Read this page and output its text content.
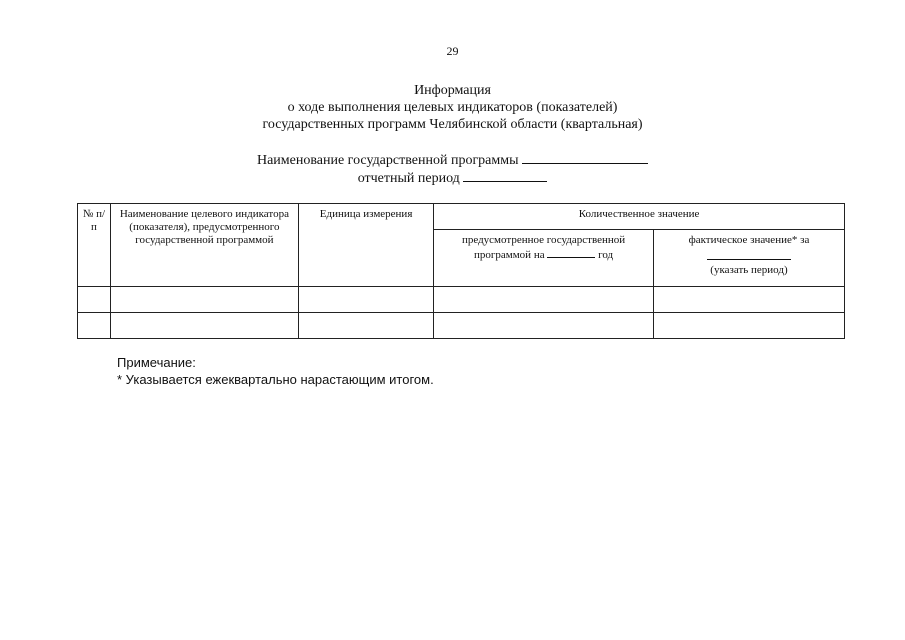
29
Информация
о ходе выполнения целевых индикаторов (показателей)
государственных программ Челябинской области (квартальная)
Наименование государственной программы
отчетный период
№ п/п	Наименование целевого индикатора (показателя), предусмотренного государственной программой	Единица измерения	Количественное значение	
			предусмотренное государственной программой на год	фактическое значение* за
(указать период)

Примечание:
* Указывается ежеквартально нарастающим итогом.
